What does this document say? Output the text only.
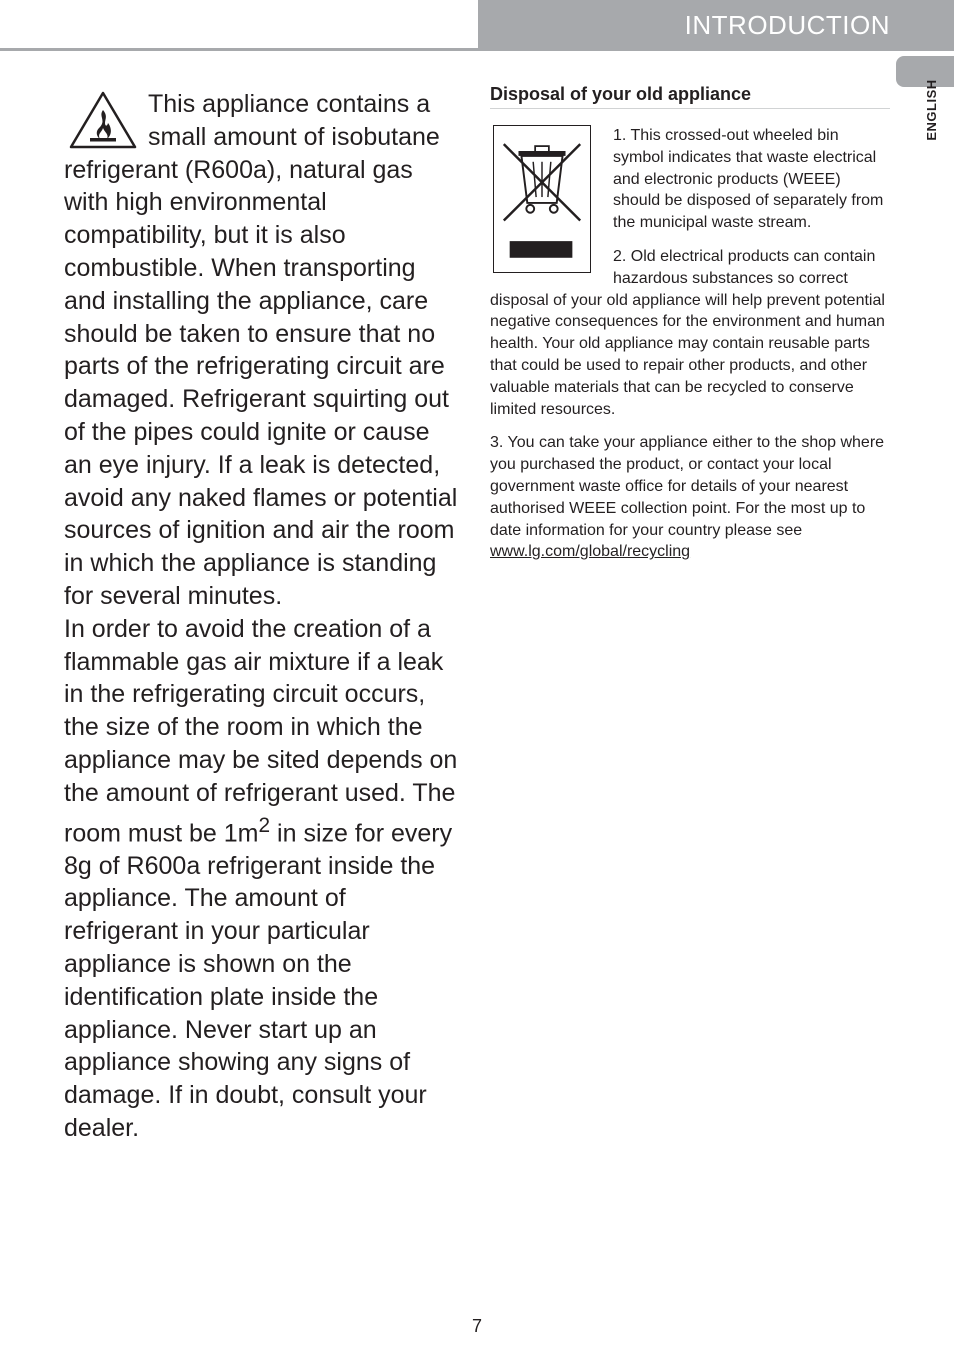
INTRODUCTION
ENGLISH

This appliance contains a small amount of isobutane refrigerant (R600a), natural gas with high environmental compatibility, but it is also combustible. When transporting and installing the appliance, care should be taken to ensure that no parts of the refrigerating circuit are damaged. Refrigerant squirting out of the pipes could ignite or cause an eye injury. If a leak is detected, avoid any naked flames or potential sources of ignition and air the room in which the appliance is standing for several minutes.

In order to avoid the creation of a flammable gas air mixture if a leak in the refrigerating circuit occurs, the size of the room in which the appliance may be sited depends on the amount of refrigerant used. The room must be $1m^2$ in size for every 8g of R600a refrigerant inside the appliance. The amount of refrigerant in your particular appliance is shown on the identification plate inside the appliance. Never start up an appliance showing any signs of damage. If in doubt, consult your dealer.

Disposal of your old appliance

1. This crossed-out wheeled bin symbol indicates that waste electrical and electronic products (WEEE) should be disposed of separately from the municipal waste stream.

2. Old electrical products can contain hazardous substances so correct disposal of your old appliance will help prevent potential negative consequences for the environment and human health. Your old appliance may contain reusable parts that could be used to repair other products, and other valuable materials that can be recycled to conserve limited resources.

3. You can take your appliance either to the shop where you purchased the product, or contact your local government waste office for details of your nearest authorised WEEE collection point. For the most up to date information for your country please see www.lg.com/global/recycling

7
